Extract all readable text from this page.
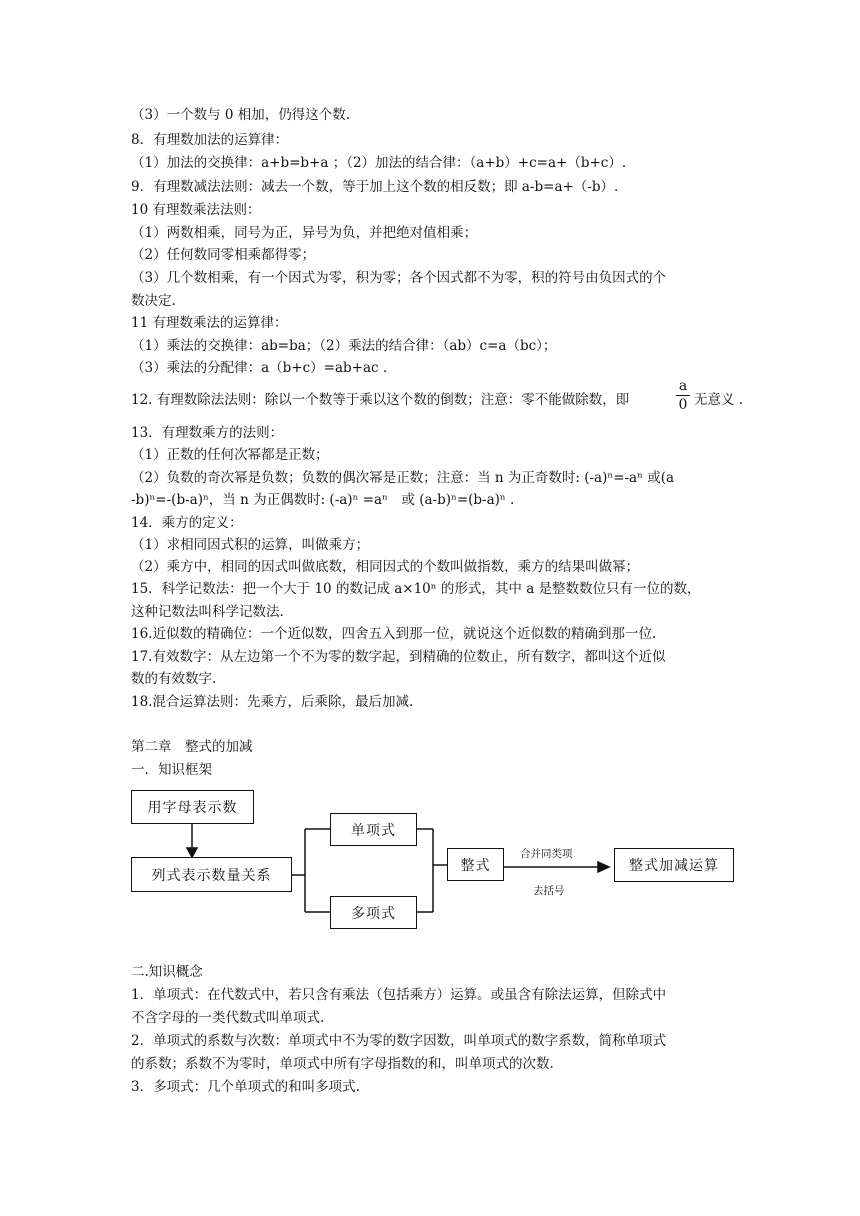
（3）一个数与 0 相加，仍得这个数.
8．有理数加法的运算律：
（1）加法的交换律：a+b=b+a ；（2）加法的结合律：（a+b）+c=a+（b+c）.
9．有理数减法法则：减去一个数，等于加上这个数的相反数；即 a-b=a+（-b）.
10 有理数乘法法则：
（1）两数相乘，同号为正，异号为负，并把绝对值相乘；
（2）任何数同零相乘都得零；
（3）几个数相乘，有一个因式为零，积为零；各个因式都不为零，积的符号由负因式的个
数决定.
11 有理数乘法的运算律：
（1）乘法的交换律：ab=ba；（2）乘法的结合律：（ab）c=a（bc）；
（3）乘法的分配律：a（b+c）=ab+ac .
12. 有理数除法法则：除以一个数等于乘以这个数的倒数；注意：零不能做除数，即
a
0 无意义 .
13．有理数乘方的法则：
（1）正数的任何次幂都是正数；
（2）负数的奇次幂是负数；负数的偶次幂是正数；注意：当 n 为正奇数时: (-a)ⁿ=-aⁿ 或(a
-b)ⁿ=-(b-a)ⁿ，当 n 为正偶数时: (-a)ⁿ =aⁿ　或 (a-b)ⁿ=(b-a)ⁿ .
14．乘方的定义：
（1）求相同因式积的运算，叫做乘方；
（2）乘方中，相同的因式叫做底数，相同因式的个数叫做指数，乘方的结果叫做幂；
15．科学记数法：把一个大于 10 的数记成 a×10ⁿ 的形式，其中 a 是整数数位只有一位的数，
这种记数法叫科学记数法.
16.近似数的精确位：一个近似数，四舍五入到那一位，就说这个近似数的精确到那一位.
17.有效数字：从左边第一个不为零的数字起，到精确的位数止，所有数字，都叫这个近似
数的有效数字.
18.混合运算法则：先乘方，后乘除，最后加减.
第二章　整式的加减
一．知识框架
用字母表示数
列式表示数量关系
单项式
多项式
整式	整式加减运算
合并同类项
去括号
二.知识概念
1．单项式：在代数式中，若只含有乘法（包括乘方）运算。或虽含有除法运算，但除式中
不含字母的一类代数式叫单项式.
2．单项式的系数与次数：单项式中不为零的数字因数，叫单项式的数字系数，简称单项式
的系数；系数不为零时，单项式中所有字母指数的和，叫单项式的次数.
3．多项式：几个单项式的和叫多项式.
